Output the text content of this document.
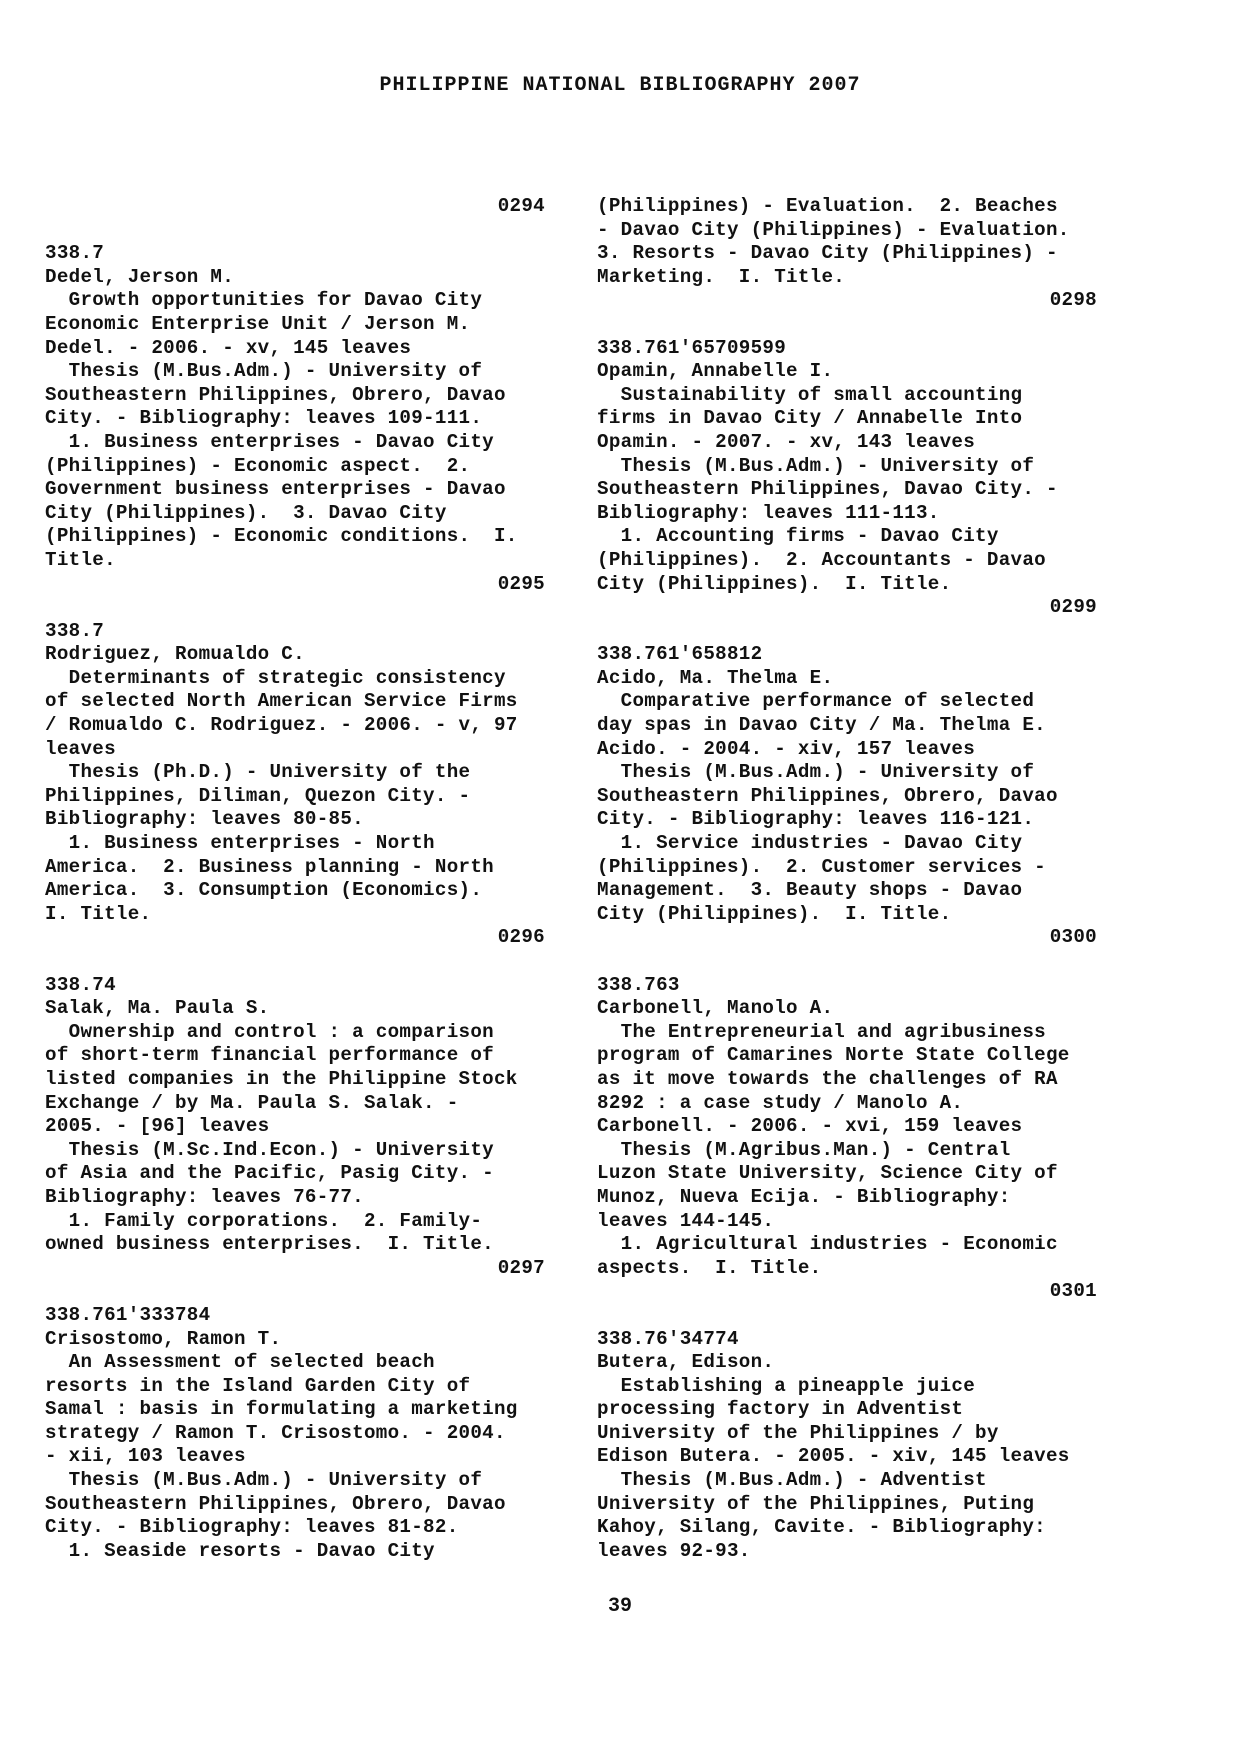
PHILIPPINE NATIONAL BIBLIOGRAPHY 2007
0294
338.7
Dedel, Jerson M.
Growth opportunities for Davao City
Economic Enterprise Unit / Jerson M.
Dedel. - 2006. - xv, 145 leaves
Thesis (M.Bus.Adm.) - University of
Southeastern Philippines, Obrero, Davao
City. - Bibliography: leaves 109-111.
1. Business enterprises - Davao City
(Philippines) - Economic aspect.  2.
Government business enterprises - Davao
City (Philippines).  3. Davao City
(Philippines) - Economic conditions.  I.
Title.
0295
338.7
Rodriguez, Romualdo C.
Determinants of strategic consistency
of selected North American Service Firms
/ Romualdo C. Rodriguez. - 2006. - v, 97
leaves
Thesis (Ph.D.) - University of the
Philippines, Diliman, Quezon City. -
Bibliography: leaves 80-85.
1. Business enterprises - North
America.  2. Business planning - North
America.  3. Consumption (Economics).
I. Title.
0296
338.74
Salak, Ma. Paula S.
Ownership and control : a comparison
of short-term financial performance of
listed companies in the Philippine Stock
Exchange / by Ma. Paula S. Salak. -
2005. - [96] leaves
Thesis (M.Sc.Ind.Econ.) - University
of Asia and the Pacific, Pasig City. -
Bibliography: leaves 76-77.
1. Family corporations.  2. Family-
owned business enterprises.  I. Title.
0297
338.761'333784
Crisostomo, Ramon T.
An Assessment of selected beach
resorts in the Island Garden City of
Samal : basis in formulating a marketing
strategy / Ramon T. Crisostomo. - 2004.
- xii, 103 leaves
Thesis (M.Bus.Adm.) - University of
Southeastern Philippines, Obrero, Davao
City. - Bibliography: leaves 81-82.
1. Seaside resorts - Davao City
(Philippines) - Evaluation.  2. Beaches
- Davao City (Philippines) - Evaluation.
3. Resorts - Davao City (Philippines) -
Marketing.  I. Title.
0298
338.761'65709599
Opamin, Annabelle I.
Sustainability of small accounting
firms in Davao City / Annabelle Into
Opamin. - 2007. - xv, 143 leaves
Thesis (M.Bus.Adm.) - University of
Southeastern Philippines, Davao City. -
Bibliography: leaves 111-113.
1. Accounting firms - Davao City
(Philippines).  2. Accountants - Davao
City (Philippines).  I. Title.
0299
338.761'658812
Acido, Ma. Thelma E.
Comparative performance of selected
day spas in Davao City / Ma. Thelma E.
Acido. - 2004. - xiv, 157 leaves
Thesis (M.Bus.Adm.) - University of
Southeastern Philippines, Obrero, Davao
City. - Bibliography: leaves 116-121.
1. Service industries - Davao City
(Philippines).  2. Customer services -
Management.  3. Beauty shops - Davao
City (Philippines).  I. Title.
0300
338.763
Carbonell, Manolo A.
The Entrepreneurial and agribusiness
program of Camarines Norte State College
as it move towards the challenges of RA
8292 : a case study / Manolo A.
Carbonell. - 2006. - xvi, 159 leaves
Thesis (M.Agribus.Man.) - Central
Luzon State University, Science City of
Munoz, Nueva Ecija. - Bibliography:
leaves 144-145.
1. Agricultural industries - Economic
aspects.  I. Title.
0301
338.76'34774
Butera, Edison.
Establishing a pineapple juice
processing factory in Adventist
University of the Philippines / by
Edison Butera. - 2005. - xiv, 145 leaves
Thesis (M.Bus.Adm.) - Adventist
University of the Philippines, Puting
Kahoy, Silang, Cavite. - Bibliography:
leaves 92-93.
39
